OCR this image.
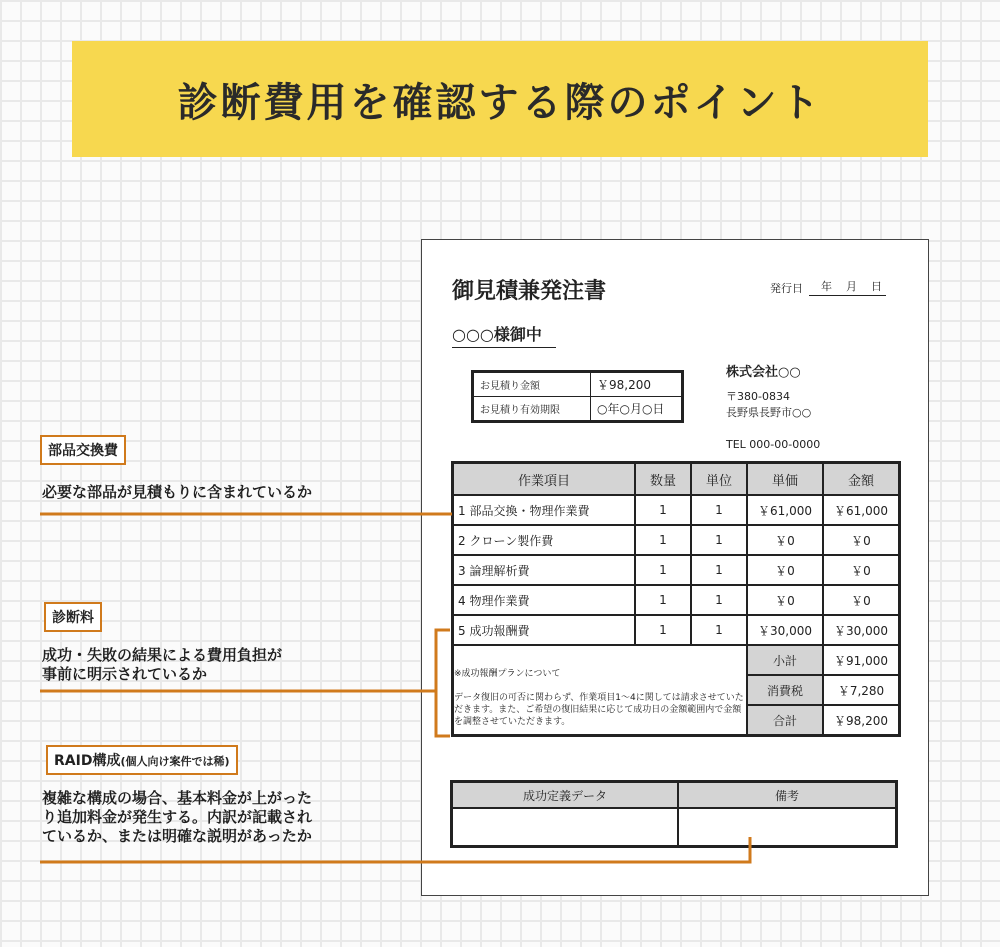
診断費用を確認する際のポイント
御見積兼発注書	発行日 年 月 日
○○○様御中
お見積り金額	￥98,200
お見積り有効期限	○年○月○日
株式会社○○
〒380-0834
長野県長野市○○
TEL 000-00-0000
作業項目	数量	単位	単価	金額
1 部品交換・物理作業費	1	1	￥61,000	￥61,000
2 クローン製作費	1	1	￥0	￥0
3 論理解析費	1	1	￥0	￥0
4 物理作業費	1	1	￥0	￥0
5 成功報酬費	1	1	￥30,000	￥30,000
			小計	￥91,000
			消費税	￥7,280
			合計	￥98,200
※成功報酬プランについて
データ復旧の可否に関わらず、作業項目1〜4に関しては請求させていただきます。また、ご希望の復旧結果に応じて成功日の金額範囲内で金額を調整させていただきます。
成功定義データ	備考

部品交換費
必要な部品が見積もりに含まれているか
診断料
成功・失敗の結果による費用負担が
事前に明示されているか
RAID構成(個人向け案件では稀)
複雑な構成の場合、基本料金が上がった
り追加料金が発生する。内訳が記載され
ているか、または明確な説明があったか
